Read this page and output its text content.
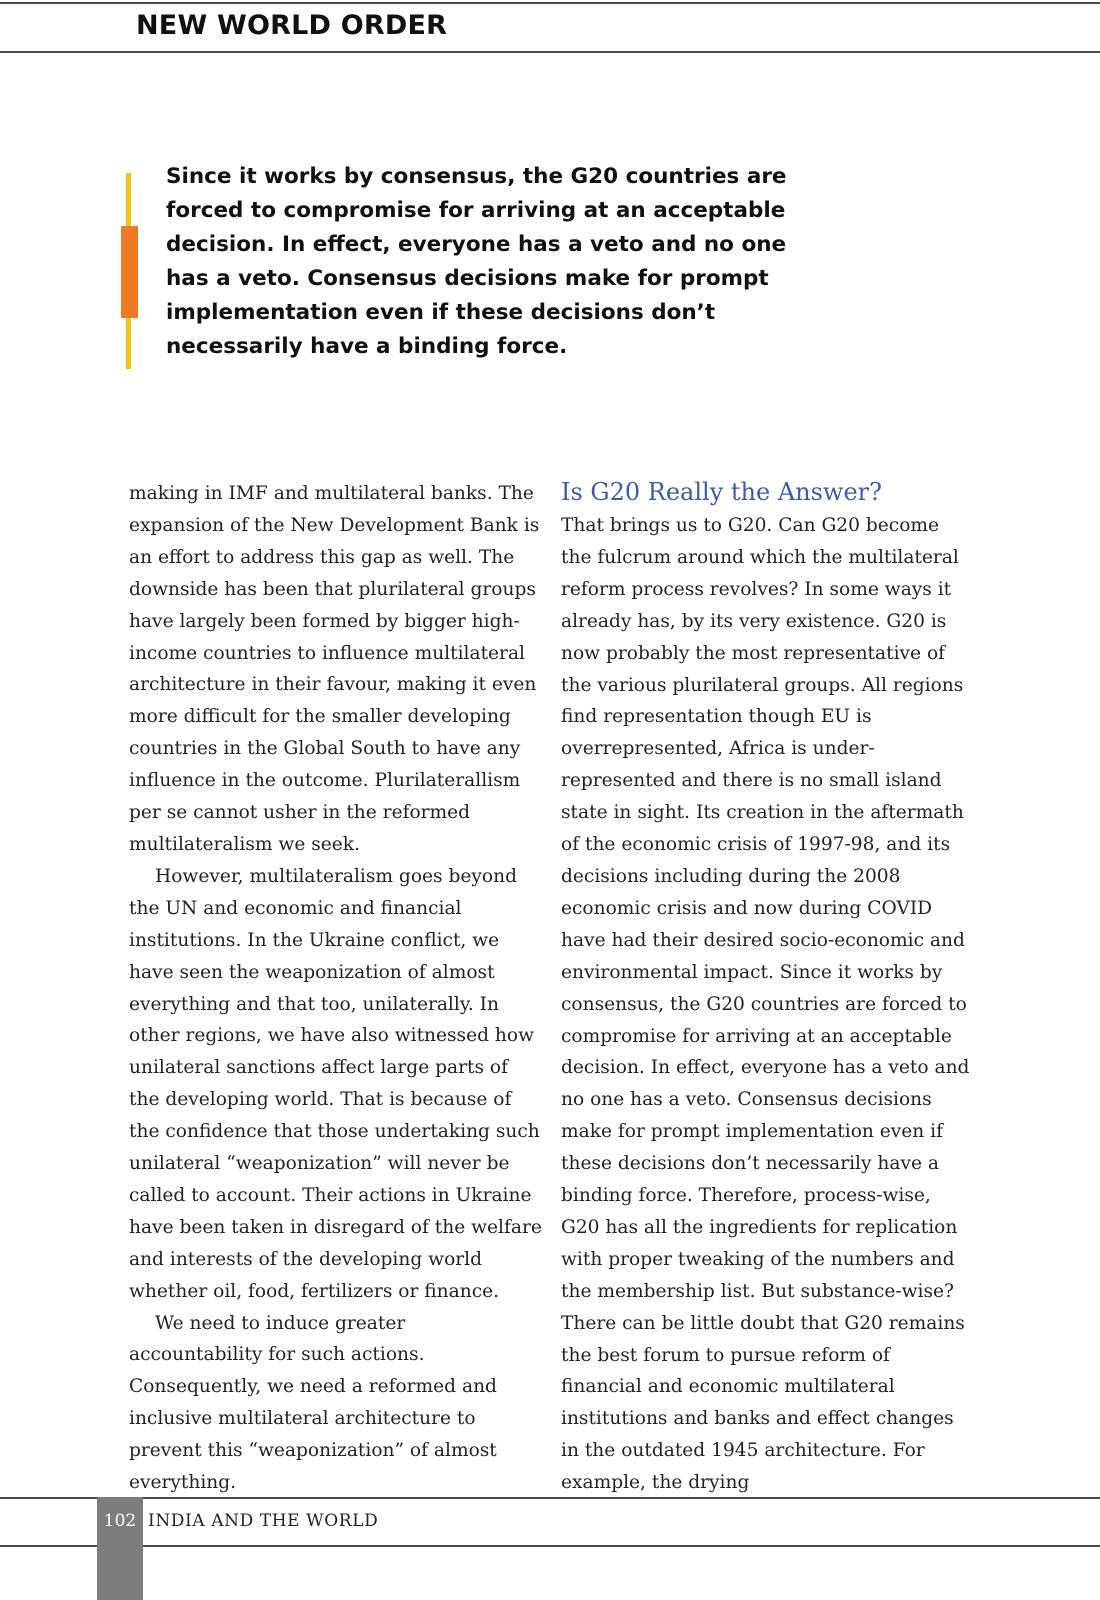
NEW WORLD ORDER
Since it works by consensus, the G20 countries are forced to compromise for arriving at an acceptable decision. In effect, everyone has a veto and no one has a veto. Consensus decisions make for prompt implementation even if these decisions don’t necessarily have a binding force.

making in IMF and multilateral banks. The expansion of the New Development Bank is an effort to address this gap as well. The downside has been that plurilateral groups have largely been formed by bigger high-income countries to influence multilateral architecture in their favour, making it even more difficult for the smaller developing countries in the Global South to have any influence in the outcome. Plurilaterallism per se cannot usher in the reformed multilateralism we seek.

However, multilateralism goes beyond the UN and economic and financial institutions. In the Ukraine conflict, we have seen the weaponization of almost everything and that too, unilaterally. In other regions, we have also witnessed how unilateral sanctions affect large parts of the developing world. That is because of the confidence that those undertaking such unilateral “weaponization” will never be called to account. Their actions in Ukraine have been taken in disregard of the welfare and interests of the developing world whether oil, food, fertilizers or finance.

We need to induce greater accountability for such actions. Consequently, we need a reformed and inclusive multilateral architecture to prevent this “weaponization” of almost everything.

Is G20 Really the Answer?

That brings us to G20. Can G20 become the fulcrum around which the multilateral reform process revolves? In some ways it already has, by its very existence. G20 is now probably the most representative of the various plurilateral groups. All regions find representation though EU is overrepresented, Africa is under-represented and there is no small island state in sight. Its creation in the aftermath of the economic crisis of 1997-98, and its decisions including during the 2008 economic crisis and now during COVID have had their desired socio-economic and environmental impact. Since it works by consensus, the G20 countries are forced to compromise for arriving at an acceptable decision. In effect, everyone has a veto and no one has a veto. Consensus decisions make for prompt implementation even if these decisions don’t necessarily have a binding force. Therefore, process-wise, G20 has all the ingredients for replication with proper tweaking of the numbers and the membership list. But substance-wise? There can be little doubt that G20 remains the best forum to pursue reform of financial and economic multilateral institutions and banks and effect changes in the outdated 1945 architecture. For example, the drying

102 INDIA AND THE WORLD
